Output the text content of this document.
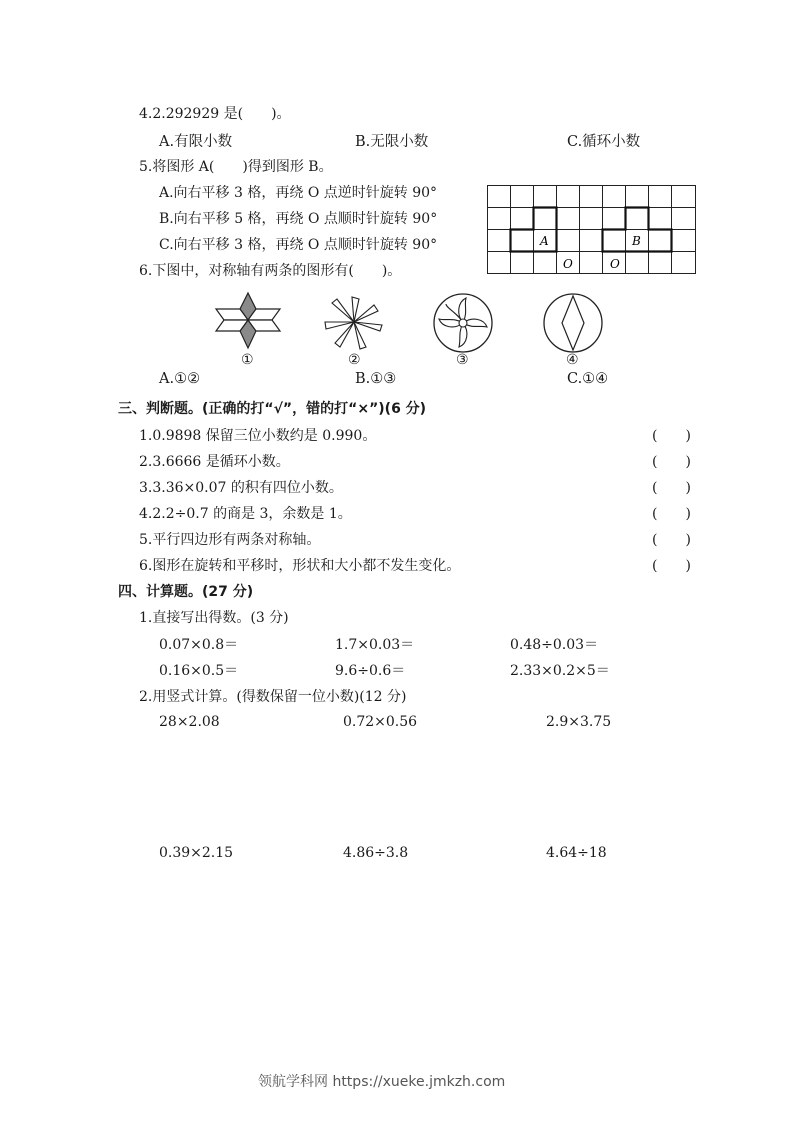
4.2.292929 是(　　)。
A.有限小数	B.无限小数	C.循环小数
5.将图形 A(　　)得到图形 B。
A.向右平移 3 格，再绕 O 点逆时针旋转 90°
B.向右平移 5 格，再绕 O 点顺时针旋转 90°
C.向右平移 3 格，再绕 O 点顺时针旋转 90°	A	B
O	O
6.下图中，对称轴有两条的图形有(　　)。
①	②	③	④
A.①②	B.①③	C.①④
三、判断题。(正确的打“√”，错的打“×”)(6 分)
1.0.9898 保留三位小数约是 0.990。	(　　)
2.3.6666 是循环小数。	(　　)
3.3.36×0.07 的积有四位小数。	(　　)
4.2.2÷0.7 的商是 3，余数是 1。	(　　)
5.平行四边形有两条对称轴。	(　　)
6.图形在旋转和平移时，形状和大小都不发生变化。	(　　)
四、计算题。(27 分)
1.直接写出得数。(3 分)
0.07×0.8＝	1.7×0.03＝	0.48÷0.03＝
0.16×0.5＝	9.6÷0.6＝	2.33×0.2×5＝
2.用竖式计算。(得数保留一位小数)(12 分)
28×2.08	0.72×0.56	2.9×3.75
0.39×2.15	4.86÷3.8	4.64÷18
领航学科网 https://xueke.jmkzh.com
